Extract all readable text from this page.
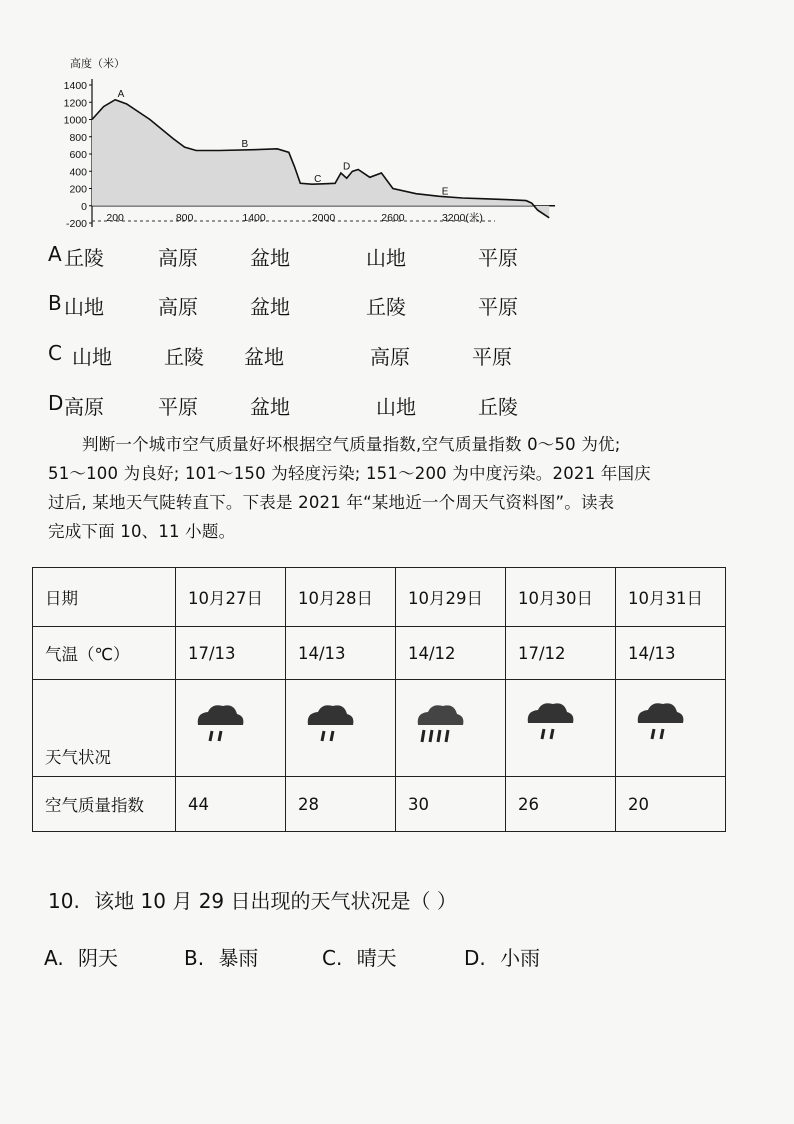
高度（米）
1400
1200
1000
800
600
400
200
0
-200
200	800	1400	2000	2600	3200(米)
A
B
C
D
E
A 丘陵	高原	盆地	山地	平原
B 山地	高原	盆地	丘陵	平原
C 山地	丘陵 盆地	高原	平原
D 高原	平原	盆地	山地	丘陵

判断一个城市空气质量好坏根据空气质量指数,空气质量指数 0～50 为优;

51～100 为良好; 101～150 为轻度污染; 151～200 为中度污染。2021 年国庆

过后, 某地天气陡转直下。下表是 2021 年“某地近一个周天气资料图”。读表

完成下面 10、11 小题。

日期	10月27日	10月28日	10月29日	10月30日	10月31日
气温（℃）	17/13	14/13	14/12	17/12	14/13
天气状况	

空气质量指数	44	28	30	26	20
10. 该地 10 月 29 日出现的天气状况是（ ）
A. 阴天	B. 暴雨	C. 晴天	D. 小雨
